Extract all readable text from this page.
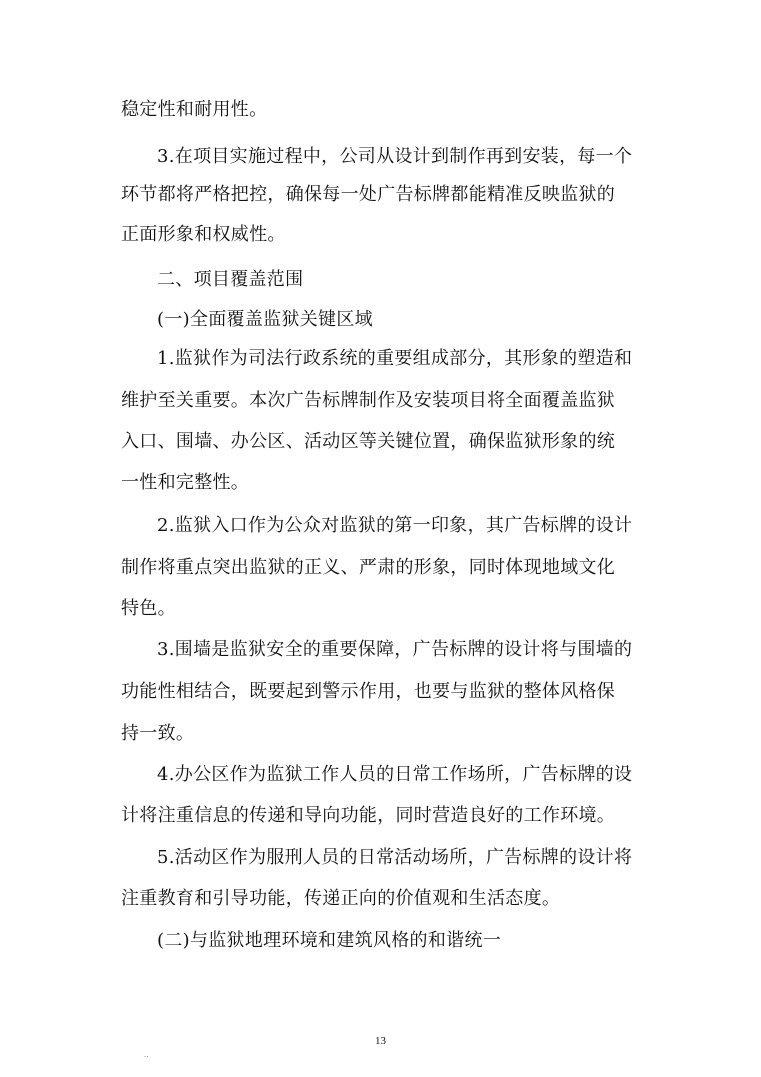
稳定性和耐用性。
3.在项目实施过程中，公司从设计到制作再到安装，每一个
环节都将严格把控，确保每一处广告标牌都能精准反映监狱的
正面形象和权威性。
二、项目覆盖范围
(一)全面覆盖监狱关键区域
1.监狱作为司法行政系统的重要组成部分，其形象的塑造和
维护至关重要。本次广告标牌制作及安装项目将全面覆盖监狱
入口、围墙、办公区、活动区等关键位置，确保监狱形象的统
一性和完整性。
2.监狱入口作为公众对监狱的第一印象，其广告标牌的设计
制作将重点突出监狱的正义、严肃的形象，同时体现地域文化
特色。
3.围墙是监狱安全的重要保障，广告标牌的设计将与围墙的
功能性相结合，既要起到警示作用，也要与监狱的整体风格保
持一致。
4.办公区作为监狱工作人员的日常工作场所，广告标牌的设
计将注重信息的传递和导向功能，同时营造良好的工作环境。
5.活动区作为服刑人员的日常活动场所，广告标牌的设计将
注重教育和引导功能，传递正向的价值观和生活态度。
(二)与监狱地理环境和建筑风格的和谐统一
13
..
